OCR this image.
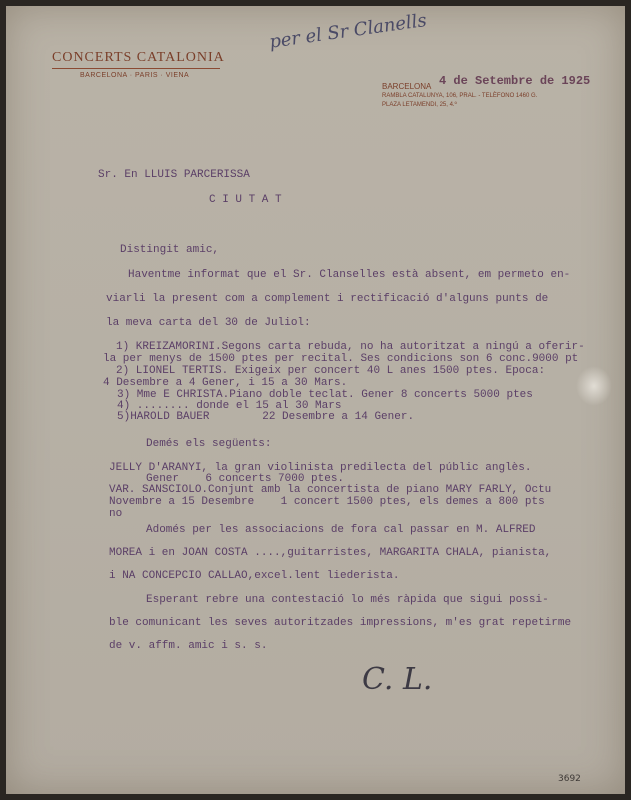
CONCERTS CATALONIA
BARCELONA · PARIS · VIENA
per el Sr Clanells
BARCELONA 4 de Setembre de 1925
RAMBLA CATALUNYA, 106, PRAL. - TELÈFONO 1460 G.
PLAZA LETAMENDI, 25, 4.º
Sr. En LLUIS PARCERISSA
C I U T A T
Distingit amic,
Haventme informat que el Sr. Clanselles està absent, em permeto en-
viarli la present com a complement i rectificació d'alguns punts de
la meva carta del 30 de Juliol:
1) KREIZAMORINI.Segons carta rebuda, no ha autoritzat a ningú a oferir-
la per menys de 1500 ptes per recital. Ses condicions son 6 conc.9000 pt
2) LIONEL TERTIS. Exigeix per concert 40 L anes 1500 ptes. Epoca:
4 Desembre a 4 Gener, i 15 a 30 Mars.
3) Mme E CHRISTA.Piano doble teclat. Gener 8 concerts 5000 ptes
4) ........ donde el 15 al 30 Mars
5)HAROLD BAUER        22 Desembre a 14 Gener.
Demés els següents:
JELLY D'ARANYI, la gran violinista predilecta del públic anglès.
Gener    6 concerts 7000 ptes.
VAR. SANSCIOLO.Conjunt amb la concertista de piano MARY FARLY, Octu
Novembre a 15 Desembre    1 concert 1500 ptes, els demes a 800 pts
no
Adomés per les associacions de fora cal passar en M. ALFRED
MOREA i en JOAN COSTA ....,guitarristes, MARGARITA CHALA, pianista,
i NA CONCEPCIO CALLAO,excel.lent liederista.
Esperant rebre una contestació lo més ràpida que sigui possi-
ble comunicant les seves autoritzades impressions, m'es grat repetirme
de v. affm. amic i s. s.
C. L.
3692
